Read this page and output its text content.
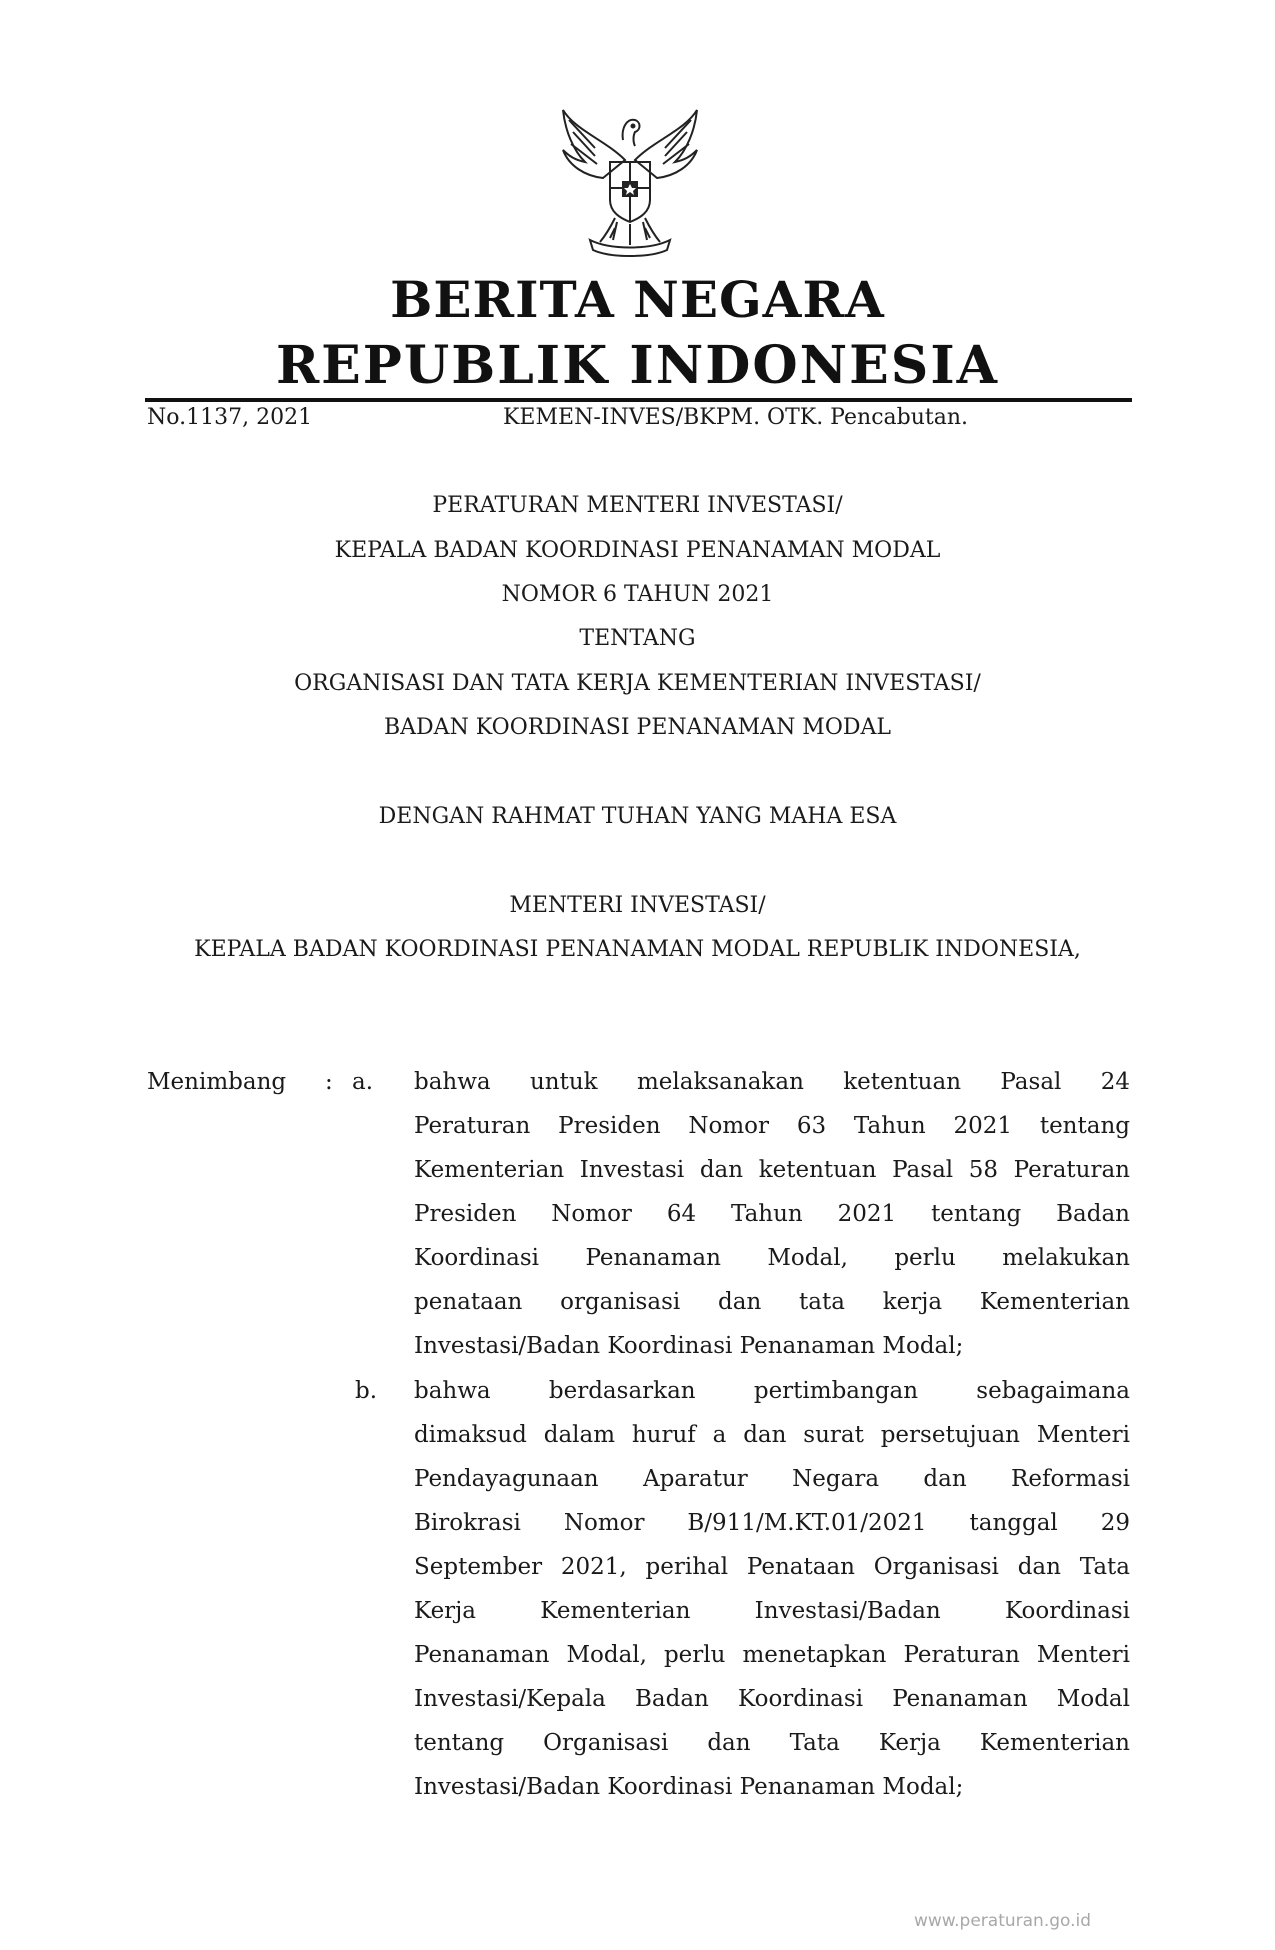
BERITA NEGARA
REPUBLIK INDONESIA
No.1137, 2021	KEMEN-INVES/BKPM. OTK. Pencabutan.
PERATURAN MENTERI INVESTASI/
KEPALA BADAN KOORDINASI PENANAMAN MODAL
NOMOR 6 TAHUN 2021
TENTANG
ORGANISASI DAN TATA KERJA KEMENTERIAN INVESTASI/
BADAN KOORDINASI PENANAMAN MODAL
DENGAN RAHMAT TUHAN YANG MAHA ESA
MENTERI INVESTASI/
KEPALA BADAN KOORDINASI PENANAMAN MODAL REPUBLIK INDONESIA,
Menimbang : a. bahwa untuk melaksanakan ketentuan Pasal 24
Peraturan Presiden Nomor 63 Tahun 2021 tentang
Kementerian Investasi dan ketentuan Pasal 58 Peraturan
Presiden Nomor 64 Tahun 2021 tentang Badan
Koordinasi Penanaman Modal, perlu melakukan
penataan organisasi dan tata kerja Kementerian
Investasi/Badan Koordinasi Penanaman Modal;
b. bahwa berdasarkan pertimbangan sebagaimana
dimaksud dalam huruf a dan surat persetujuan Menteri
Pendayagunaan Aparatur Negara dan Reformasi
Birokrasi Nomor B/911/M.KT.01/2021 tanggal 29
September 2021, perihal Penataan Organisasi dan Tata
Kerja Kementerian Investasi/Badan Koordinasi
Penanaman Modal, perlu menetapkan Peraturan Menteri
Investasi/Kepala Badan Koordinasi Penanaman Modal
tentang Organisasi dan Tata Kerja Kementerian
Investasi/Badan Koordinasi Penanaman Modal;
www.peraturan.go.id
